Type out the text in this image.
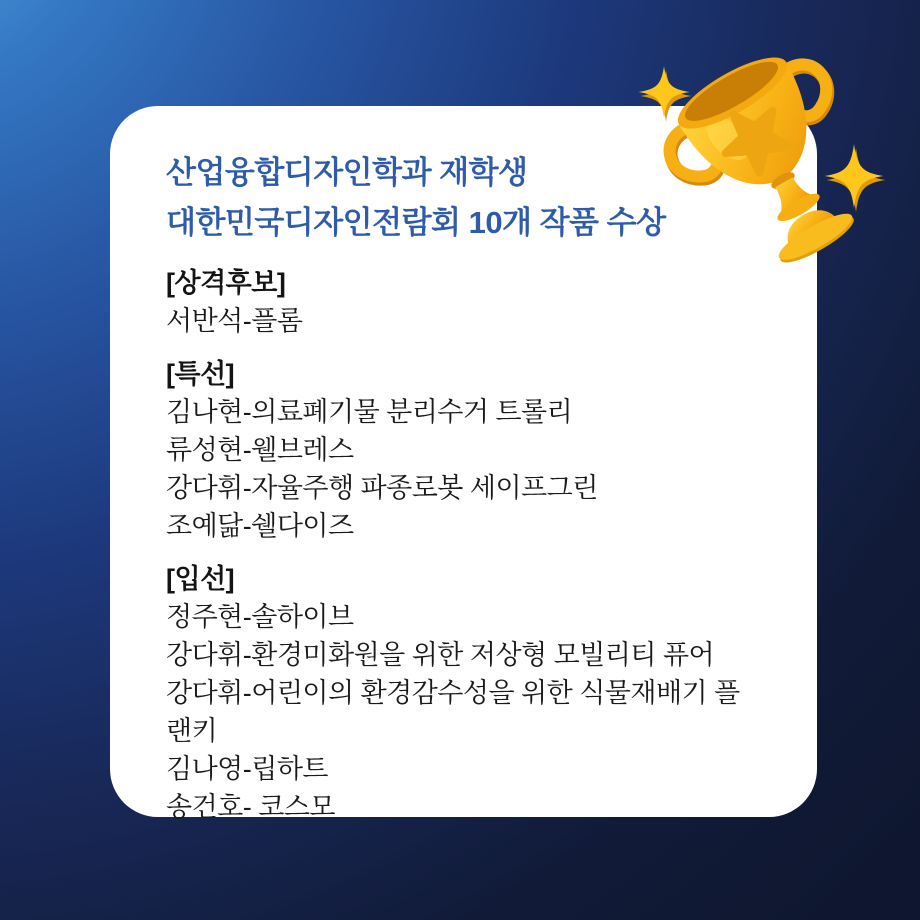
산업융합디자인학과 재학생
대한민국디자인전람회 10개 작품 수상
[상격후보]
서반석-플롬
[특선]
김나현-의료폐기물 분리수거 트롤리
류성현-웰브레스
강다휘-자율주행 파종로봇 세이프그린
조예닮-쉘다이즈
[입선]
정주현-솔하이브
강다휘-환경미화원을 위한 저상형 모빌리티 퓨어
강다휘-어린이의 환경감수성을 위한 식물재배기 플랜키
김나영-립하트
송건호- 코스모
